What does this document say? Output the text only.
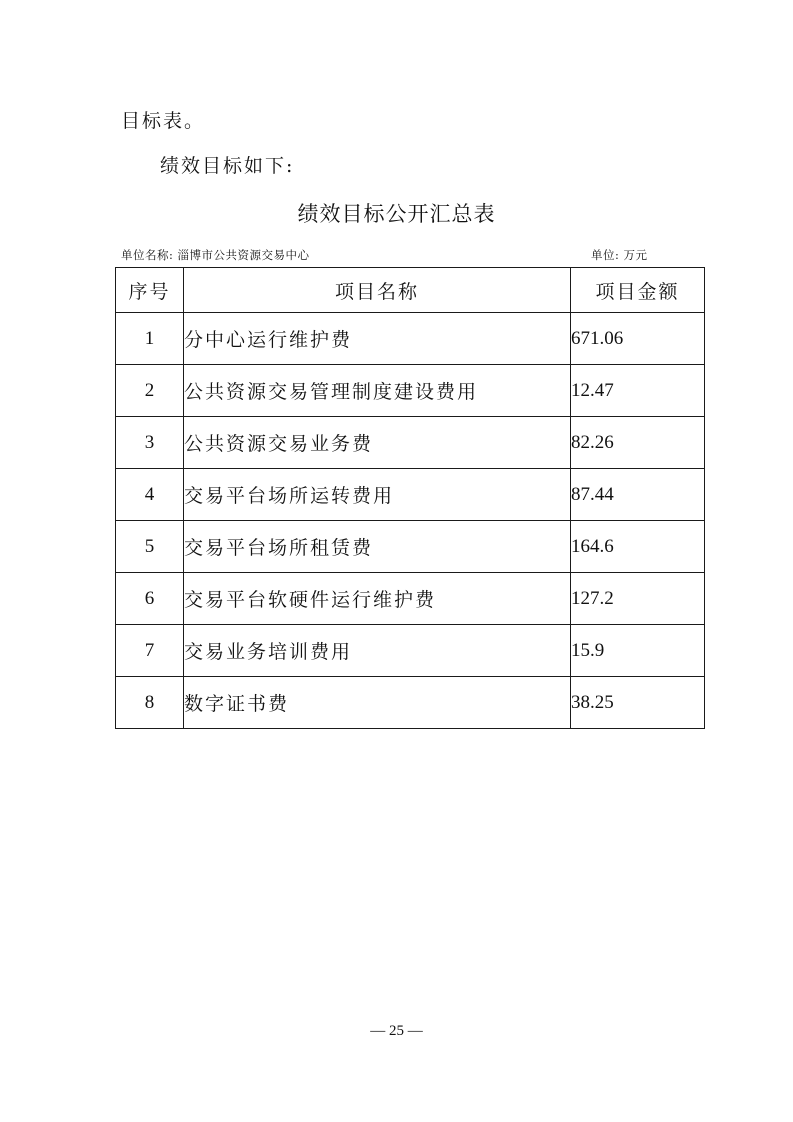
目标表。
绩效目标如下:
绩效目标公开汇总表
单位名称: 淄博市公共资源交易中心	单位: 万元
序号	项目名称	项目金额
1	分中心运行维护费	671.06
2	公共资源交易管理制度建设费用	12.47
3	公共资源交易业务费	82.26
4	交易平台场所运转费用	87.44
5	交易平台场所租赁费	164.6
6	交易平台软硬件运行维护费	127.2
7	交易业务培训费用	15.9
8	数字证书费	38.25
— 25 —
